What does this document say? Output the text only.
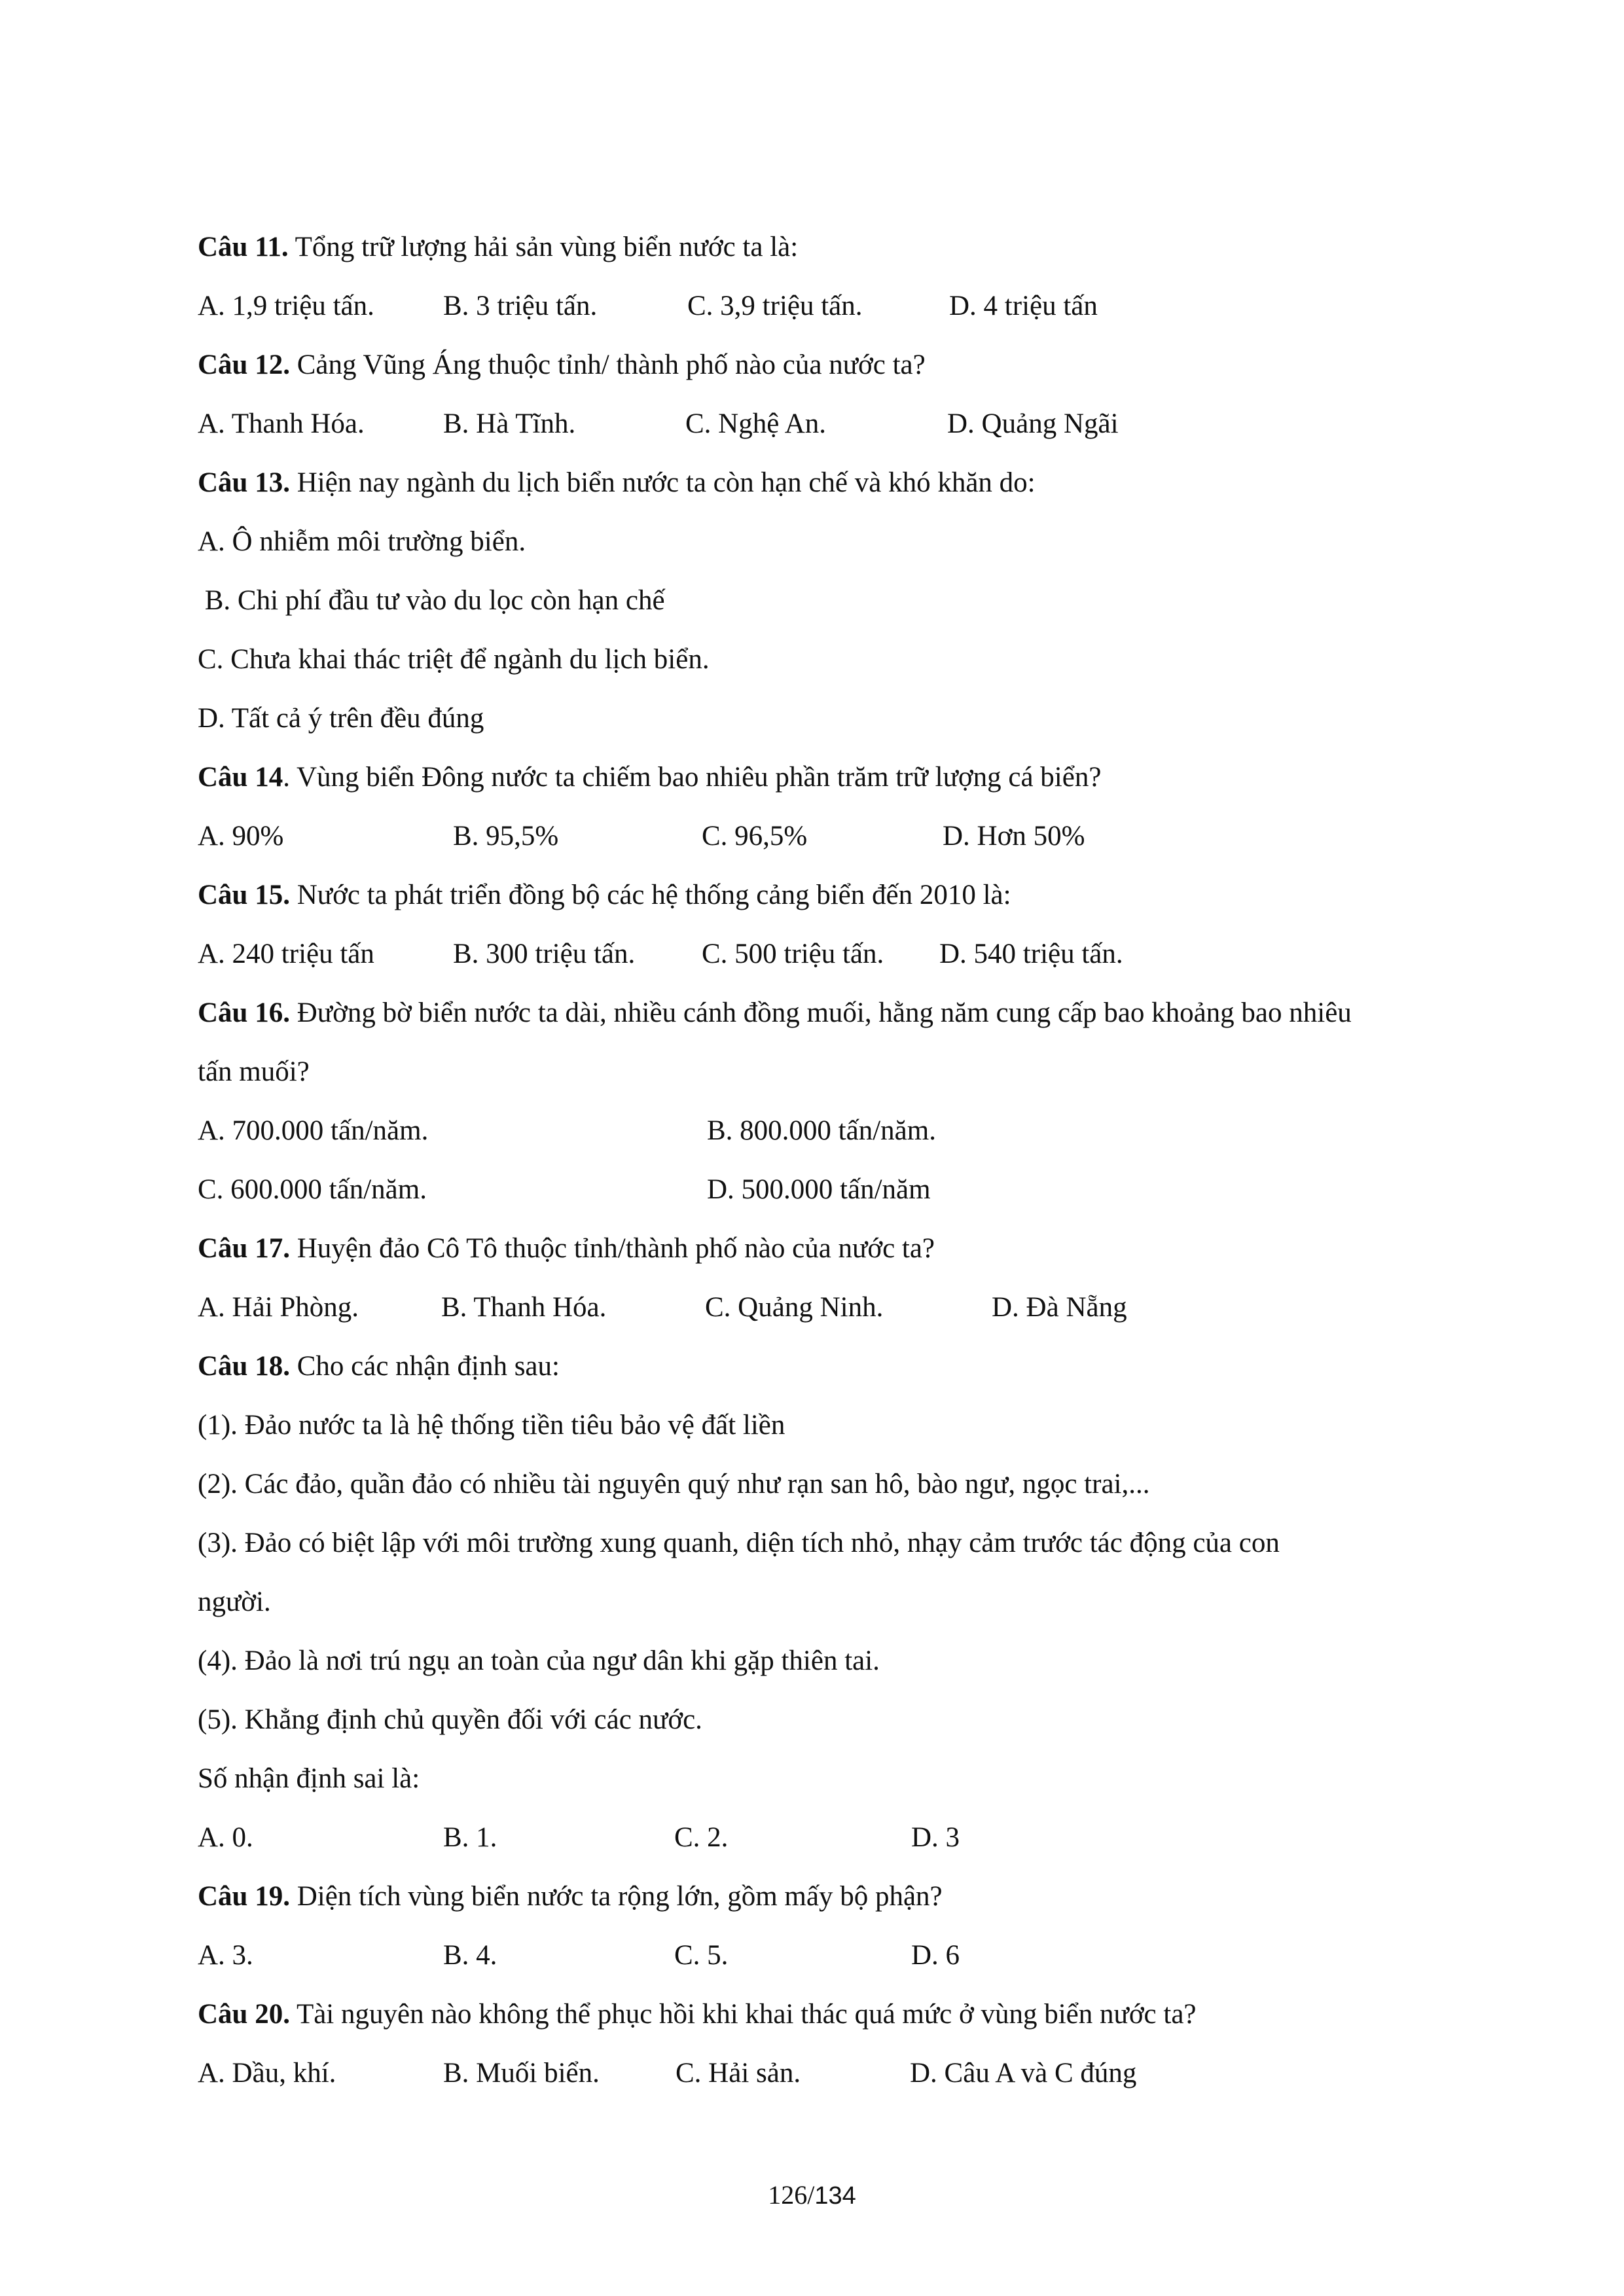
Câu 11. Tổng trữ lượng hải sản vùng biển nước ta là:
A. 1,9 triệu tấn. B. 3 triệu tấn.	C. 3,9 triệu tấn.	D. 4 triệu tấn
Câu 12. Cảng Vũng Áng thuộc tỉnh/ thành phố nào của nước ta?
A. Thanh Hóa.	B. Hà Tĩnh.	C. Nghệ An.	D. Quảng Ngãi
Câu 13. Hiện nay ngành du lịch biển nước ta còn hạn chế và khó khăn do:
A. Ô nhiễm môi trường biển.
B. Chi phí đầu tư vào du lọc còn hạn chế
C. Chưa khai thác triệt để ngành du lịch biển.
D. Tất cả ý trên đều đúng
Câu 14. Vùng biển Đông nước ta chiếm bao nhiêu phần trăm trữ lượng cá biển?
A. 90%	B. 95,5%	C. 96,5%	D. Hơn 50%
Câu 15. Nước ta phát triển đồng bộ các hệ thống cảng biển đến 2010 là:
A. 240 triệu tấn	B. 300 triệu tấn. C. 500 triệu tấn. D. 540 triệu tấn.
Câu 16. Đường bờ biển nước ta dài, nhiều cánh đồng muối, hằng năm cung cấp bao khoảng bao nhiêu
tấn muối?
A. 700.000 tấn/năm.	B. 800.000 tấn/năm.
C. 600.000 tấn/năm.	D. 500.000 tấn/năm
Câu 17. Huyện đảo Cô Tô thuộc tỉnh/thành phố nào của nước ta?
A. Hải Phòng.	B. Thanh Hóa.	C. Quảng Ninh.	D. Đà Nẵng
Câu 18. Cho các nhận định sau:
(1). Đảo nước ta là hệ thống tiền tiêu bảo vệ đất liền
(2). Các đảo, quần đảo có nhiều tài nguyên quý như rạn san hô, bào ngư, ngọc trai,...
(3). Đảo có biệt lập với môi trường xung quanh, diện tích nhỏ, nhạy cảm trước tác động của con
người.
(4). Đảo là nơi trú ngụ an toàn của ngư dân khi gặp thiên tai.
(5). Khẳng định chủ quyền đối với các nước.
Số nhận định sai là:
A. 0.	B. 1.	C. 2.	D. 3
Câu 19. Diện tích vùng biển nước ta rộng lớn, gồm mấy bộ phận?
A. 3.	B. 4.	C. 5.	D. 6
Câu 20. Tài nguyên nào không thể phục hồi khi khai thác quá mức ở vùng biển nước ta?
A. Dầu, khí.	B. Muối biển.	C. Hải sản.	D. Câu A và C đúng
126/134
